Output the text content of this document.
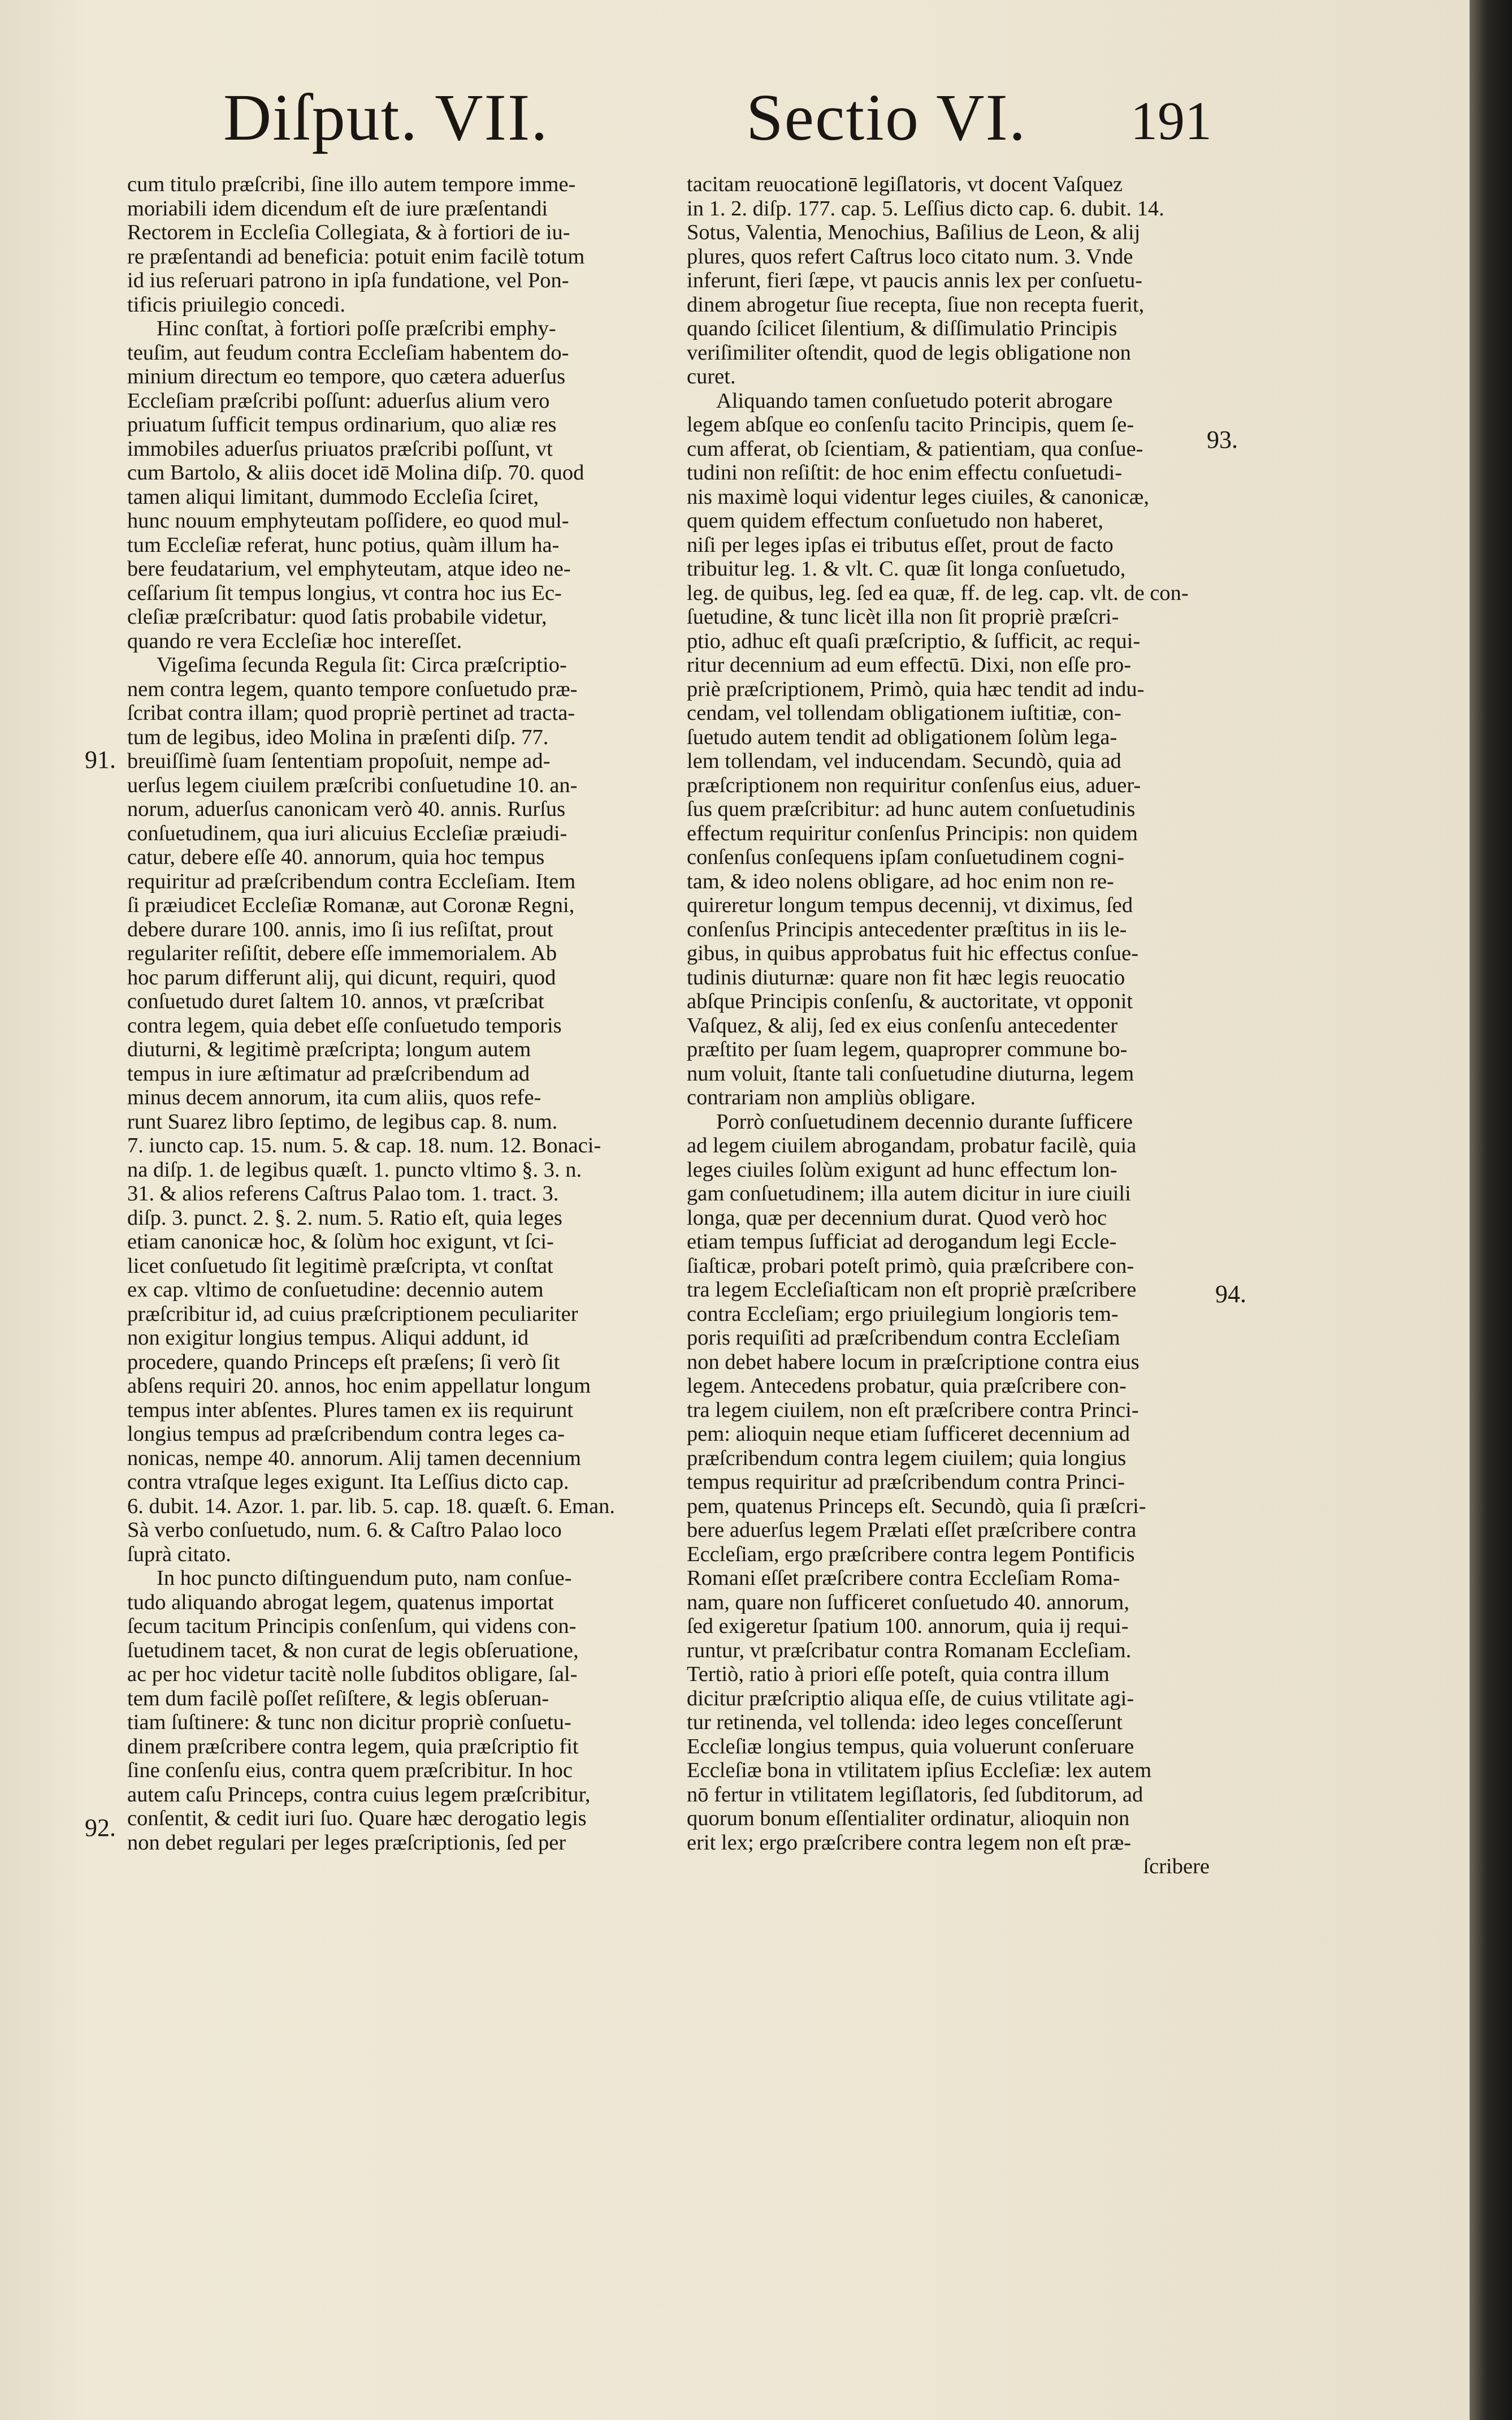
Diſput. VII.	Sectio VI. 191
91.
92.
93.
94.
cum titulo præſcribi, ſine illo autem tempore imme-
moriabili idem dicendum eſt de iure præſentandi
Rectorem in Eccleſia Collegiata, & à fortiori de iu-
re præſentandi ad beneficia: potuit enim facilè totum
id ius reſeruari patrono in ipſa fundatione, vel Pon-
tificis priuilegio concedi.
Hinc conſtat, à fortiori poſſe præſcribi emphy-
teuſim, aut feudum contra Eccleſiam habentem do-
minium directum eo tempore, quo cætera aduerſus
Eccleſiam præſcribi poſſunt: aduerſus alium vero
priuatum ſufficit tempus ordinarium, quo aliæ res
immobiles aduerſus priuatos præſcribi poſſunt, vt
cum Bartolo, & aliis docet idē Molina diſp. 70. quod
tamen aliqui limitant, dummodo Eccleſia ſciret,
hunc nouum emphyteutam poſſidere, eo quod mul-
tum Eccleſiæ referat, hunc potius, quàm illum ha-
bere feudatarium, vel emphyteutam, atque ideo ne-
ceſſarium ſit tempus longius, vt contra hoc ius Ec-
cleſiæ præſcribatur: quod ſatis probabile videtur,
quando re vera Eccleſiæ hoc intereſſet.
Vigeſima ſecunda Regula ſit: Circa præſcriptio-
nem contra legem, quanto tempore conſuetudo præ-
ſcribat contra illam; quod propriè pertinet ad tracta-
tum de legibus, ideo Molina in præſenti diſp. 77.
breuiſſimè ſuam ſententiam propoſuit, nempe ad-
uerſus legem ciuilem præſcribi conſuetudine 10. an-
norum, aduerſus canonicam verò 40. annis. Rurſus
conſuetudinem, qua iuri alicuius Eccleſiæ præiudi-
catur, debere eſſe 40. annorum, quia hoc tempus
requiritur ad præſcribendum contra Eccleſiam. Item
ſi præiudicet Eccleſiæ Romanæ, aut Coronæ Regni,
debere durare 100. annis, imo ſi ius reſiſtat, prout
regulariter reſiſtit, debere eſſe immemorialem. Ab
hoc parum differunt alij, qui dicunt, requiri, quod
conſuetudo duret ſaltem 10. annos, vt præſcribat
contra legem, quia debet eſſe conſuetudo temporis
diuturni, & legitimè præſcripta; longum autem
tempus in iure æſtimatur ad præſcribendum ad
minus decem annorum, ita cum aliis, quos refe-
runt Suarez libro ſeptimo, de legibus cap. 8. num.
7. iuncto cap. 15. num. 5. & cap. 18. num. 12. Bonaci-
na diſp. 1. de legibus quæſt. 1. puncto vltimo §. 3. n.
31. & alios referens Caſtrus Palao tom. 1. tract. 3.
diſp. 3. punct. 2. §. 2. num. 5. Ratio eſt, quia leges
etiam canonicæ hoc, & ſolùm hoc exigunt, vt ſci-
licet conſuetudo ſit legitimè præſcripta, vt conſtat
ex cap. vltimo de conſuetudine: decennio autem
præſcribitur id, ad cuius præſcriptionem peculiariter
non exigitur longius tempus. Aliqui addunt, id
procedere, quando Princeps eſt præſens; ſi verò ſit
abſens requiri 20. annos, hoc enim appellatur longum
tempus inter abſentes. Plures tamen ex iis requirunt
longius tempus ad præſcribendum contra leges ca-
nonicas, nempe 40. annorum. Alij tamen decennium
contra vtraſque leges exigunt. Ita Leſſius dicto cap.
6. dubit. 14. Azor. 1. par. lib. 5. cap. 18. quæſt. 6. Eman.
Sà verbo conſuetudo, num. 6. & Caſtro Palao loco
ſuprà citato.
In hoc puncto diſtinguendum puto, nam conſue-
tudo aliquando abrogat legem, quatenus importat
ſecum tacitum Principis conſenſum, qui videns con-
ſuetudinem tacet, & non curat de legis obſeruatione,
ac per hoc videtur tacitè nolle ſubditos obligare, ſal-
tem dum facilè poſſet reſiſtere, & legis obſeruan-
tiam ſuſtinere: & tunc non dicitur propriè conſuetu-
dinem præſcribere contra legem, quia præſcriptio fit
ſine conſenſu eius, contra quem præſcribitur. In hoc
autem caſu Princeps, contra cuius legem præſcribitur,
conſentit, & cedit iuri ſuo. Quare hæc derogatio legis
non debet regulari per leges præſcriptionis, ſed per
tacitam reuocationē legiſlatoris, vt docent Vaſquez
in 1. 2. diſp. 177. cap. 5. Leſſius dicto cap. 6. dubit. 14.
Sotus, Valentia, Menochius, Baſilius de Leon, & alij
plures, quos refert Caſtrus loco citato num. 3. Vnde
inferunt, fieri ſæpe, vt paucis annis lex per conſuetu-
dinem abrogetur ſiue recepta, ſiue non recepta fuerit,
quando ſcilicet ſilentium, & diſſimulatio Principis
veriſimiliter oſtendit, quod de legis obligatione non
curet.
Aliquando tamen conſuetudo poterit abrogare
legem abſque eo conſenſu tacito Principis, quem ſe-
cum afferat, ob ſcientiam, & patientiam, qua conſue-
tudini non reſiſtit: de hoc enim effectu conſuetudi-
nis maximè loqui videntur leges ciuiles, & canonicæ,
quem quidem effectum conſuetudo non haberet,
niſi per leges ipſas ei tributus eſſet, prout de facto
tribuitur leg. 1. & vlt. C. quæ ſit longa conſuetudo,
leg. de quibus, leg. ſed ea quæ, ff. de leg. cap. vlt. de con-
ſuetudine, & tunc licèt illa non ſit propriè præſcri-
ptio, adhuc eſt quaſi præſcriptio, & ſufficit, ac requi-
ritur decennium ad eum effectū. Dixi, non eſſe pro-
priè præſcriptionem, Primò, quia hæc tendit ad indu-
cendam, vel tollendam obligationem iuſtitiæ, con-
ſuetudo autem tendit ad obligationem ſolùm lega-
lem tollendam, vel inducendam. Secundò, quia ad
præſcriptionem non requiritur conſenſus eius, aduer-
ſus quem præſcribitur: ad hunc autem conſuetudinis
effectum requiritur conſenſus Principis: non quidem
conſenſus conſequens ipſam conſuetudinem cogni-
tam, & ideo nolens obligare, ad hoc enim non re-
quireretur longum tempus decennij, vt diximus, ſed
conſenſus Principis antecedenter præſtitus in iis le-
gibus, in quibus approbatus fuit hic effectus conſue-
tudinis diuturnæ: quare non fit hæc legis reuocatio
abſque Principis conſenſu, & auctoritate, vt opponit
Vaſquez, & alij, ſed ex eius conſenſu antecedenter
præſtito per ſuam legem, quaproprer commune bo-
num voluit, ſtante tali conſuetudine diuturna, legem
contrariam non ampliùs obligare.
Porrò conſuetudinem decennio durante ſufficere
ad legem ciuilem abrogandam, probatur facilè, quia
leges ciuiles ſolùm exigunt ad hunc effectum lon-
gam conſuetudinem; illa autem dicitur in iure ciuili
longa, quæ per decennium durat. Quod verò hoc
etiam tempus ſufficiat ad derogandum legi Eccle-
ſiaſticæ, probari poteſt primò, quia præſcribere con-
tra legem Eccleſiaſticam non eſt propriè præſcribere
contra Eccleſiam; ergo priuilegium longioris tem-
poris requiſiti ad præſcribendum contra Eccleſiam
non debet habere locum in præſcriptione contra eius
legem. Antecedens probatur, quia præſcribere con-
tra legem ciuilem, non eſt præſcribere contra Princi-
pem: alioquin neque etiam ſufficeret decennium ad
præſcribendum contra legem ciuilem; quia longius
tempus requiritur ad præſcribendum contra Princi-
pem, quatenus Princeps eſt. Secundò, quia ſi præſcri-
bere aduerſus legem Prælati eſſet præſcribere contra
Eccleſiam, ergo præſcribere contra legem Pontificis
Romani eſſet præſcribere contra Eccleſiam Roma-
nam, quare non ſufficeret conſuetudo 40. annorum,
ſed exigeretur ſpatium 100. annorum, quia ij requi-
runtur, vt præſcribatur contra Romanam Eccleſiam.
Tertiò, ratio à priori eſſe poteſt, quia contra illum
dicitur præſcriptio aliqua eſſe, de cuius vtilitate agi-
tur retinenda, vel tollenda: ideo leges conceſſerunt
Eccleſiæ longius tempus, quia voluerunt conſeruare
Eccleſiæ bona in vtilitatem ipſius Eccleſiæ: lex autem
nō fertur in vtilitatem legiſlatoris, ſed ſubditorum, ad
quorum bonum eſſentialiter ordinatur, alioquin non
erit lex; ergo præſcribere contra legem non eſt præ-
ſcribere
